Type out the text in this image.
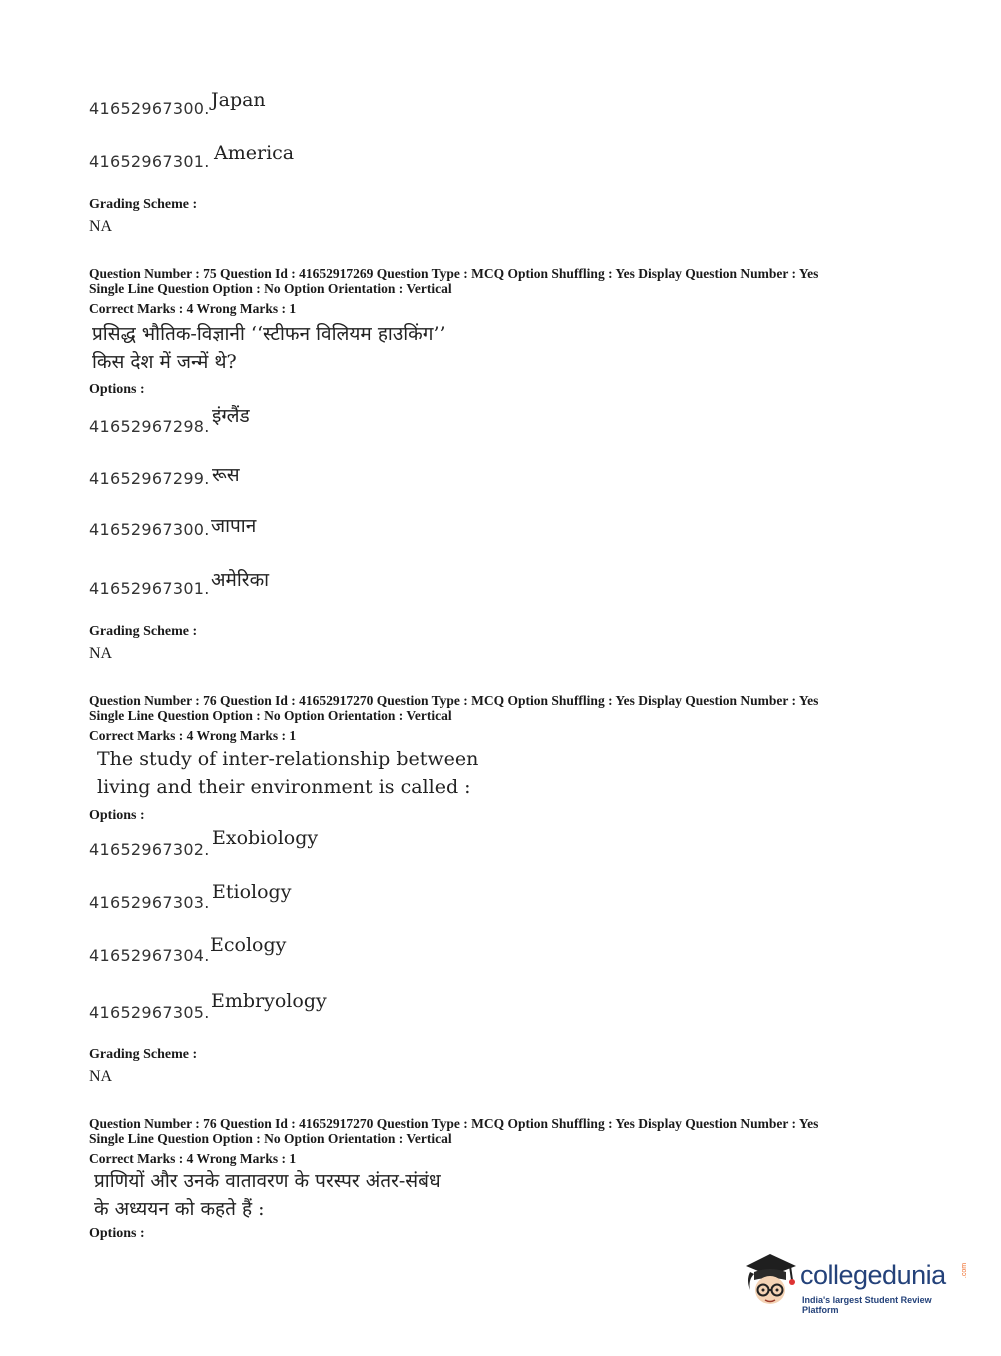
41652967300. Japan
41652967301. America
Grading Scheme :
NA
Question Number : 75 Question Id : 41652917269 Question Type : MCQ Option Shuffling : Yes Display Question Number : Yes
Single Line Question Option : No Option Orientation : Vertical
Correct Marks : 4 Wrong Marks : 1
प्रसिद्ध भौतिक-विज्ञानी ‘‘स्टीफन विलियम हाउकिंग’’
किस देश में जन्में थे?
Options :
41652967298. इंग्लैंड
41652967299. रूस
41652967300. जापान
41652967301. अमेरिका
Grading Scheme :
NA
Question Number : 76 Question Id : 41652917270 Question Type : MCQ Option Shuffling : Yes Display Question Number : Yes
Single Line Question Option : No Option Orientation : Vertical
Correct Marks : 4 Wrong Marks : 1
The study of inter-relationship between
living and their environment is called :
Options :
41652967302.
Exobiology
41652967303. Etiology
41652967304. Ecology
41652967305.
Embryology
Grading Scheme :
NA
Question Number : 76 Question Id : 41652917270 Question Type : MCQ Option Shuffling : Yes Display Question Number : Yes
Single Line Question Option : No Option Orientation : Vertical
Correct Marks : 4 Wrong Marks : 1
प्राणियों और उनके वातावरण के परस्पर अंतर-संबंध
के अध्ययन को कहते हैं :
Options :
collegedunia .com
India's largest Student Review Platform
